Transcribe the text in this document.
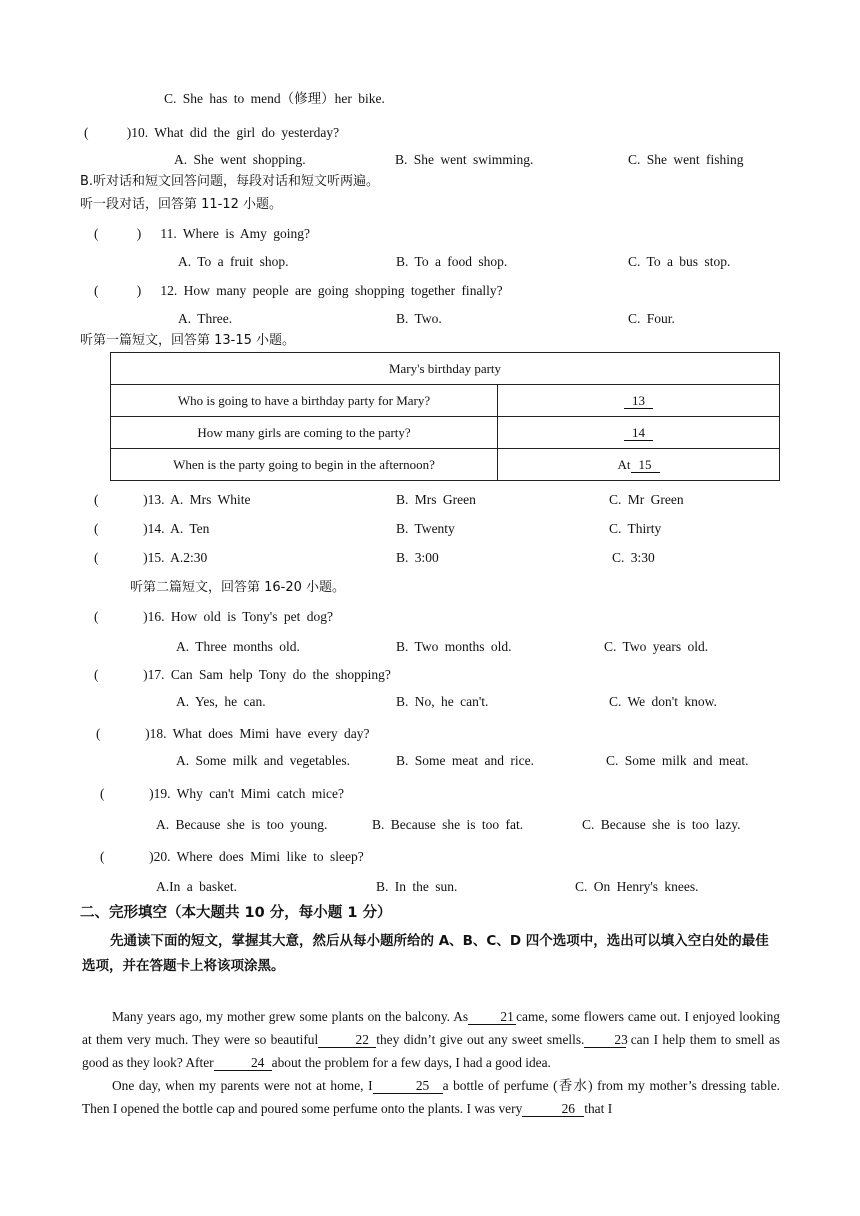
C. She has to mend（修理）her bike.
(	)10. What did the girl do yesterday?
A. She went shopping.	B. She went swimming.	C. She went fishing
B.听对话和短文回答问题，每段对话和短文听两遍。
听一段对话，回答第 11-12 小题。
(	) 11. Where is Amy going?
A. To a fruit shop.	B. To a food shop.	C. To a bus stop.
(	) 12. How many people are going shopping together finally?
A. Three.	B. Two.	C. Four.
听第一篇短文，回答第 13-15 小题。
Mary's birthday party	
Who is going to have a birthday party for Mary?	13
How many girls are coming to the party?	14
When is the party going to begin in the afternoon?	At 15
(	)13. A. Mrs White	B. Mrs Green	C. Mr Green
(	)14. A. Ten	B. Twenty	C. Thirty
(	)15. A.2:30	B. 3:00	C. 3:30
听第二篇短文，回答第 16-20 小题。
(	)16. How old is Tony's pet dog?
A. Three months old.	B. Two months old.	C. Two years old.
(	)17. Can Sam help Tony do the shopping?
A. Yes, he can.	B. No, he can't.	C. We don't know.
(	)18. What does Mimi have every day?
A. Some milk and vegetables.	B. Some meat and rice.	C. Some milk and meat.
(	)19. Why can't Mimi catch mice?
A. Because she is too young.	B. Because she is too fat.	C. Because she is too lazy.
(	)20. Where does Mimi like to sleep?
A.In a basket.	B. In the sun.	C. On Henry's knees.
二、完形填空（本大题共 10 分，每小题 1 分）
先通读下面的短文，掌握其大意，然后从每小题所给的 A、B、C、D 四个选项中，选出可以填入空白处的最佳选项，并在答题卡上将该项涂黑。

Many years ago, my mother grew some plants on the balcony. As 21 came, some flowers came out. I enjoyed looking at them very much. They were so beautiful	22 they didn’t give out any sweet smells. 23 can I help them to smell as good as they look? After	24 about the problem for a few days, I had a good idea.

One day, when my parents were not at home, I	25 a bottle of perfume (香水) from my mother’s dressing table. Then I opened the bottle cap and poured some perfume onto the plants. I was very	26 that I
